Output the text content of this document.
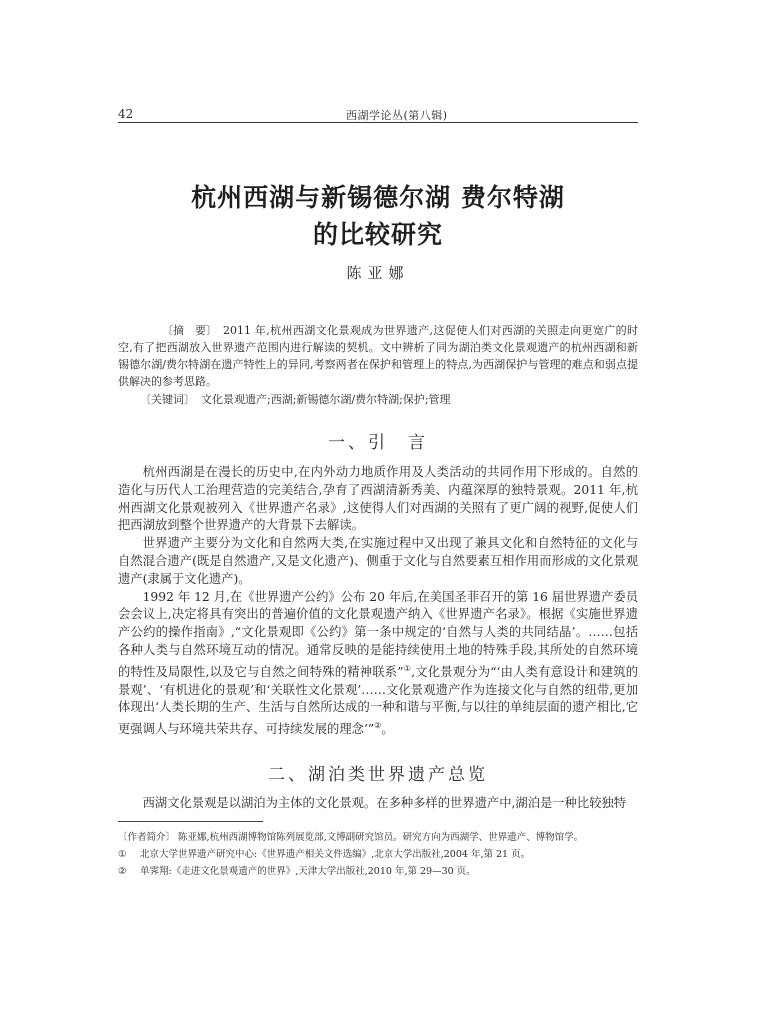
42	西湖学论丛(第八辑)
杭州西湖与新锡德尔湖 费尔特湖
的比较研究
陈亚娜
〔摘　要〕 2011 年,杭州西湖文化景观成为世界遗产,这促使人们对西湖的关照走向更宽广的时空,有了把西湖放入世界遗产范围内进行解读的契机。文中辨析了同为湖泊类文化景观遗产的杭州西湖和新锡德尔湖/费尔特湖在遗产特性上的异同,考察两者在保护和管理上的特点,为西湖保护与管理的难点和弱点提供解决的参考思路。
〔关键词〕 文化景观遗产;西湖;新锡德尔湖/费尔特湖;保护;管理
一、引　言

杭州西湖是在漫长的历史中,在内外动力地质作用及人类活动的共同作用下形成的。自然的造化与历代人工治理营造的完美结合,孕育了西湖清新秀美、内蕴深厚的独特景观。2011 年,杭州西湖文化景观被列入《世界遗产名录》,这使得人们对西湖的关照有了更广阔的视野,促使人们把西湖放到整个世界遗产的大背景下去解读。

世界遗产主要分为文化和自然两大类,在实施过程中又出现了兼具文化和自然特征的文化与自然混合遗产(既是自然遗产,又是文化遗产)、侧重于文化与自然要素互相作用而形成的文化景观遗产(隶属于文化遗产)。

1992 年 12 月,在《世界遗产公约》公布 20 年后,在美国圣菲召开的第 16 届世界遗产委员会会议上,决定将具有突出的普遍价值的文化景观遗产纳入《世界遗产名录》。根据《实施世界遗产公约的操作指南》,“文化景观即《公约》第一条中规定的‘自然与人类的共同结晶’。……包括各种人类与自然环境互动的情况。通常反映的是能持续使用土地的特殊手段,其所处的自然环境的特性及局限性,以及它与自然之间特殊的精神联系”①,文化景观分为“‘由人类有意设计和建筑的景观’、‘有机进化的景观’和‘关联性文化景观’……文化景观遗产作为连接文化与自然的纽带,更加体现出‘人类长期的生产、生活与自然所达成的一种和谐与平衡,与以往的单纯层面的遗产相比,它更强调人与环境共荣共存、可持续发展的理念’”②。

二、湖泊类世界遗产总览

西湖文化景观是以湖泊为主体的文化景观。在多种多样的世界遗产中,湖泊是一种比较独特

〔作者简介〕 陈亚娜,杭州西湖博物馆陈列展览部,文博副研究馆员。研究方向为西湖学、世界遗产、博物馆学。
① 北京大学世界遗产研究中心:《世界遗产相关文件选编》,北京大学出版社,2004 年,第 21 页。
② 单霁翔:《走进文化景观遗产的世界》,天津大学出版社,2010 年,第 29—30 页。
